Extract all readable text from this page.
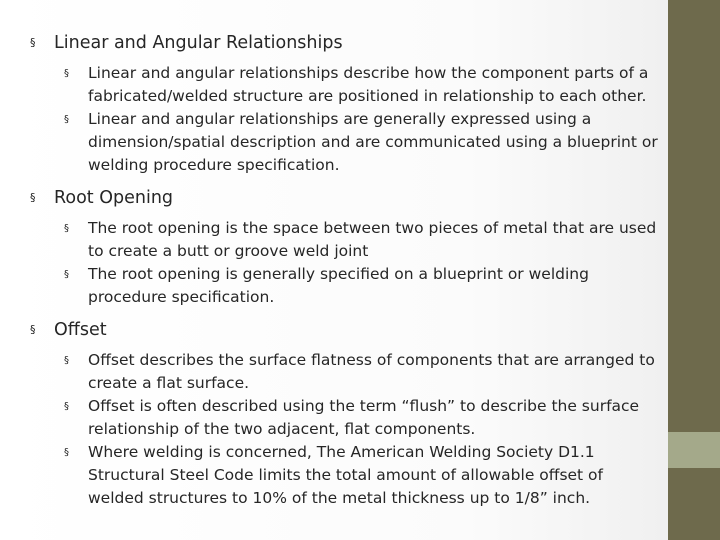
§ Linear and Angular Relationships
§ Linear and angular relationships describe how the component parts of a fabricated/welded structure are positioned in relationship to each other.
§ Linear and angular relationships are generally expressed using a dimension/spatial description and are communicated using a blueprint or welding procedure specification.
§ Root Opening
§ The root opening is the space between two pieces of metal that are used to create a butt or groove weld joint
§ The root opening is generally specified on a blueprint or welding procedure specification.
§ Offset
§ Offset describes the surface flatness of components that are arranged to create a flat surface.
§ Offset is often described using the term “flush” to describe the surface relationship of the two adjacent, flat components.
§ Where welding is concerned, The American Welding Society D1.1 Structural Steel Code limits the total amount of allowable offset of welded structures to 10% of the metal thickness up to 1/8” inch.
